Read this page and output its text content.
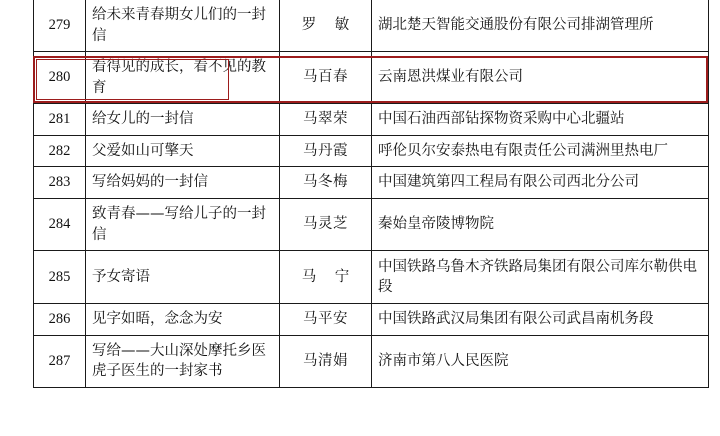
279	给未来青春期女儿们的一封信	罗 敏	湖北楚天智能交通股份有限公司排湖管理所
280	看得见的成长，看不见的教育	马百春	云南恩洪煤业有限公司
281	给女儿的一封信	马翠荣	中国石油西部钻探物资采购中心北疆站
282	父爱如山可擎天	马丹霞	呼伦贝尔安泰热电有限责任公司满洲里热电厂
283	写给妈妈的一封信	马冬梅	中国建筑第四工程局有限公司西北分公司
284	致青春——写给儿子的一封信	马灵芝	秦始皇帝陵博物院
285	予女寄语	马 宁	中国铁路乌鲁木齐铁路局集团有限公司库尔勒供电段
286	见字如晤，念念为安	马平安	中国铁路武汉局集团有限公司武昌南机务段
287	写给——大山深处摩托乡医虎子医生的一封家书	马清娟	济南市第八人民医院
